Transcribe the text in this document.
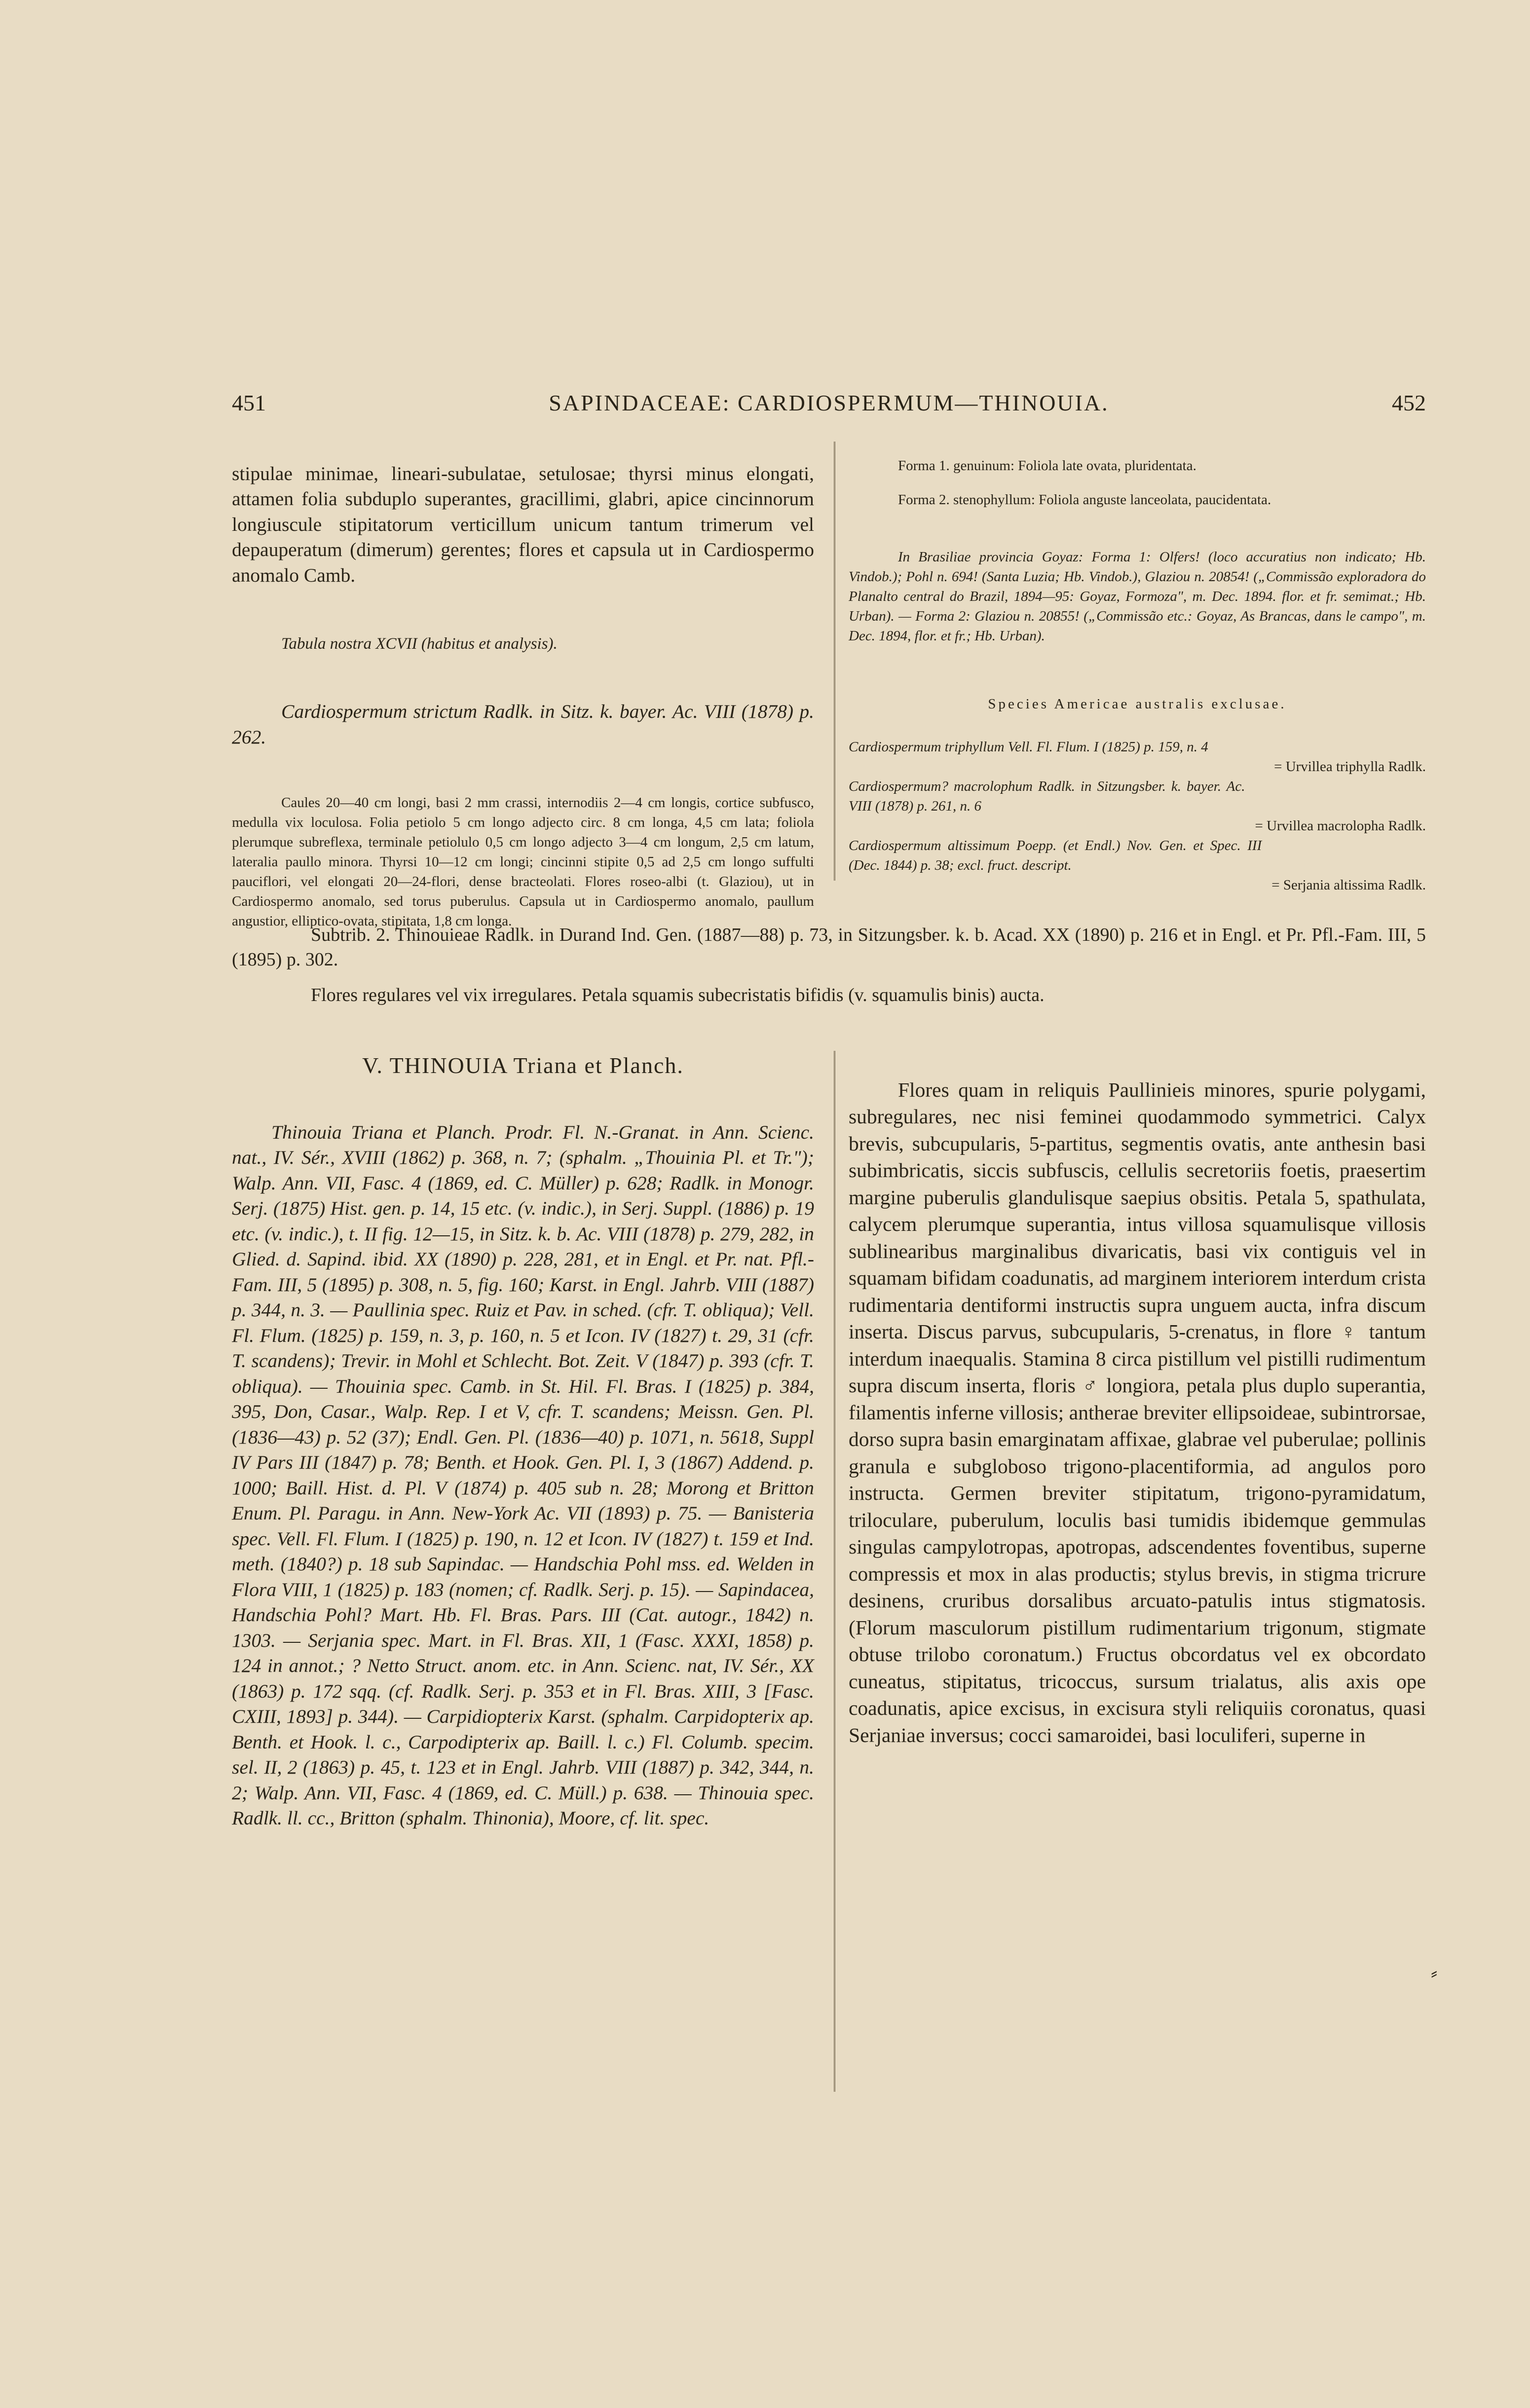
451	SAPINDACEAE: CARDIOSPERMUM—THINOUIA.	452

stipulae minimae, lineari-subulatae, setulosae; thyrsi minus elongati, attamen folia subduplo superantes, gracillimi, glabri, apice cincinnorum longiuscule stipitatorum verticillum unicum tantum trimerum vel depauperatum (dimerum) gerentes; flores et capsula ut in Cardiospermo anomalo Camb.

Tabula nostra XCVII (habitus et analysis).

Cardiospermum strictum Radlk. in Sitz. k. bayer. Ac. VIII (1878) p. 262.

Caules 20—40 cm longi, basi 2 mm crassi, internodiis 2—4 cm longis, cortice subfusco, medulla vix loculosa. Folia petiolo 5 cm longo adjecto circ. 8 cm longa, 4,5 cm lata; foliola plerumque subreflexa, terminale petiolulo 0,5 cm longo adjecto 3—4 cm longum, 2,5 cm latum, lateralia paullo minora. Thyrsi 10—12 cm longi; cincinni stipite 0,5 ad 2,5 cm longo suffulti pauciflori, vel elongati 20—24-flori, dense bracteolati. Flores roseo-albi (t. Glaziou), ut in Cardiospermo anomalo, sed torus puberulus. Capsula ut in Cardiospermo anomalo, paullum angustior, elliptico-ovata, stipitata, 1,8 cm longa.

Forma 1. genuinum: Foliola late ovata, pluridentata.

Forma 2. stenophyllum: Foliola anguste lanceolata, paucidentata.

In Brasiliae provincia Goyaz: Forma 1: Olfers! (loco accuratius non indicato; Hb. Vindob.); Pohl n. 694! (Santa Luzia; Hb. Vindob.), Glaziou n. 20854! („Commissão exploradora do Planalto central do Brazil, 1894—95: Goyaz, Formoza", m. Dec. 1894. flor. et fr. semimat.; Hb. Urban). — Forma 2: Glaziou n. 20855! („Commissão etc.: Goyaz, As Brancas, dans le campo", m. Dec. 1894, flor. et fr.; Hb. Urban).

Species Americae australis exclusae.

Cardiospermum triphyllum Vell. Fl. Flum. I (1825) p. 159, n. 4
= Urvillea triphylla Radlk.
Cardiospermum? macrolophum Radlk. in Sitzungsber. k. bayer. Ac. VIII (1878) p. 261, n. 6
= Urvillea macrolopha Radlk.
Cardiospermum altissimum Poepp. (et Endl.) Nov. Gen. et Spec. III (Dec. 1844) p. 38; excl. fruct. descript.
= Serjania altissima Radlk.

Subtrib. 2. Thinouieae Radlk. in Durand Ind. Gen. (1887—88) p. 73, in Sitzungsber. k. b. Acad. XX (1890) p. 216 et in Engl. et Pr. Pfl.-Fam. III, 5 (1895) p. 302.

Flores regulares vel vix irregulares. Petala squamis subecristatis bifidis (v. squamulis binis) aucta.

V. THINOUIA Triana et Planch.

Thinouia Triana et Planch. Prodr. Fl. N.-Granat. in Ann. Scienc. nat., IV. Sér., XVIII (1862) p. 368, n. 7; (sphalm. „Thouinia Pl. et Tr."); Walp. Ann. VII, Fasc. 4 (1869, ed. C. Müller) p. 628; Radlk. in Monogr. Serj. (1875) Hist. gen. p. 14, 15 etc. (v. indic.), in Serj. Suppl. (1886) p. 19 etc. (v. indic.), t. II fig. 12—15, in Sitz. k. b. Ac. VIII (1878) p. 279, 282, in Glied. d. Sapind. ibid. XX (1890) p. 228, 281, et in Engl. et Pr. nat. Pfl.-Fam. III, 5 (1895) p. 308, n. 5, fig. 160; Karst. in Engl. Jahrb. VIII (1887) p. 344, n. 3. — Paullinia spec. Ruiz et Pav. in sched. (cfr. T. obliqua); Vell. Fl. Flum. (1825) p. 159, n. 3, p. 160, n. 5 et Icon. IV (1827) t. 29, 31 (cfr. T. scandens); Trevir. in Mohl et Schlecht. Bot. Zeit. V (1847) p. 393 (cfr. T. obliqua). — Thouinia spec. Camb. in St. Hil. Fl. Bras. I (1825) p. 384, 395, Don, Casar., Walp. Rep. I et V, cfr. T. scandens; Meissn. Gen. Pl. (1836—43) p. 52 (37); Endl. Gen. Pl. (1836—40) p. 1071, n. 5618, Suppl IV Pars III (1847) p. 78; Benth. et Hook. Gen. Pl. I, 3 (1867) Addend. p. 1000; Baill. Hist. d. Pl. V (1874) p. 405 sub n. 28; Morong et Britton Enum. Pl. Paragu. in Ann. New-York Ac. VII (1893) p. 75. — Banisteria spec. Vell. Fl. Flum. I (1825) p. 190, n. 12 et Icon. IV (1827) t. 159 et Ind. meth. (1840?) p. 18 sub Sapindac. — Handschia Pohl mss. ed. Welden in Flora VIII, 1 (1825) p. 183 (nomen; cf. Radlk. Serj. p. 15). — Sapindacea, Handschia Pohl? Mart. Hb. Fl. Bras. Pars. III (Cat. autogr., 1842) n. 1303. — Serjania spec. Mart. in Fl. Bras. XII, 1 (Fasc. XXXI, 1858) p. 124 in annot.; ? Netto Struct. anom. etc. in Ann. Scienc. nat, IV. Sér., XX (1863) p. 172 sqq. (cf. Radlk. Serj. p. 353 et in Fl. Bras. XIII, 3 [Fasc. CXIII, 1893] p. 344). — Carpidiopterix Karst. (sphalm. Carpidopterix ap. Benth. et Hook. l. c., Carpodipterix ap. Baill. l. c.) Fl. Columb. specim. sel. II, 2 (1863) p. 45, t. 123 et in Engl. Jahrb. VIII (1887) p. 342, 344, n. 2; Walp. Ann. VII, Fasc. 4 (1869, ed. C. Müll.) p. 638. — Thinouia spec. Radlk. ll. cc., Britton (sphalm. Thinonia), Moore, cf. lit. spec.

Flores quam in reliquis Paullinieis minores, spurie polygami, subregulares, nec nisi feminei quodammodo symmetrici. Calyx brevis, subcupularis, 5-partitus, segmentis ovatis, ante anthesin basi subimbricatis, siccis subfuscis, cellulis secretoriis foetis, praesertim margine puberulis glandulisque saepius obsitis. Petala 5, spathulata, calycem plerumque superantia, intus villosa squamulisque villosis sublinearibus marginalibus divaricatis, basi vix contiguis vel in squamam bifidam coadunatis, ad marginem interiorem interdum crista rudimentaria dentiformi instructis supra unguem aucta, infra discum inserta. Discus parvus, subcupularis, 5-crenatus, in flore ♀ tantum interdum inaequalis. Stamina 8 circa pistillum vel pistilli rudimentum supra discum inserta, floris ♂ longiora, petala plus duplo superantia, filamentis inferne villosis; antherae breviter ellipsoideae, subintrorsae, dorso supra basin emarginatam affixae, glabrae vel puberulae; pollinis granula e subgloboso trigono-placentiformia, ad angulos poro instructa. Germen breviter stipitatum, trigono-pyramidatum, triloculare, puberulum, loculis basi tumidis ibidemque gemmulas singulas campylotropas, apotropas, adscendentes foventibus, superne compressis et mox in alas productis; stylus brevis, in stigma tricrure desinens, cruribus dorsalibus arcuato-patulis intus stigmatosis. (Florum masculorum pistillum rudimentarium trigonum, stigmate obtuse trilobo coronatum.) Fructus obcordatus vel ex obcordato cuneatus, stipitatus, tricoccus, sursum trialatus, alis axis ope coadunatis, apice excisus, in excisura styli reliquiis coronatus, quasi Serjaniae inversus; cocci samaroidei, basi loculiferi, superne in

⸗
